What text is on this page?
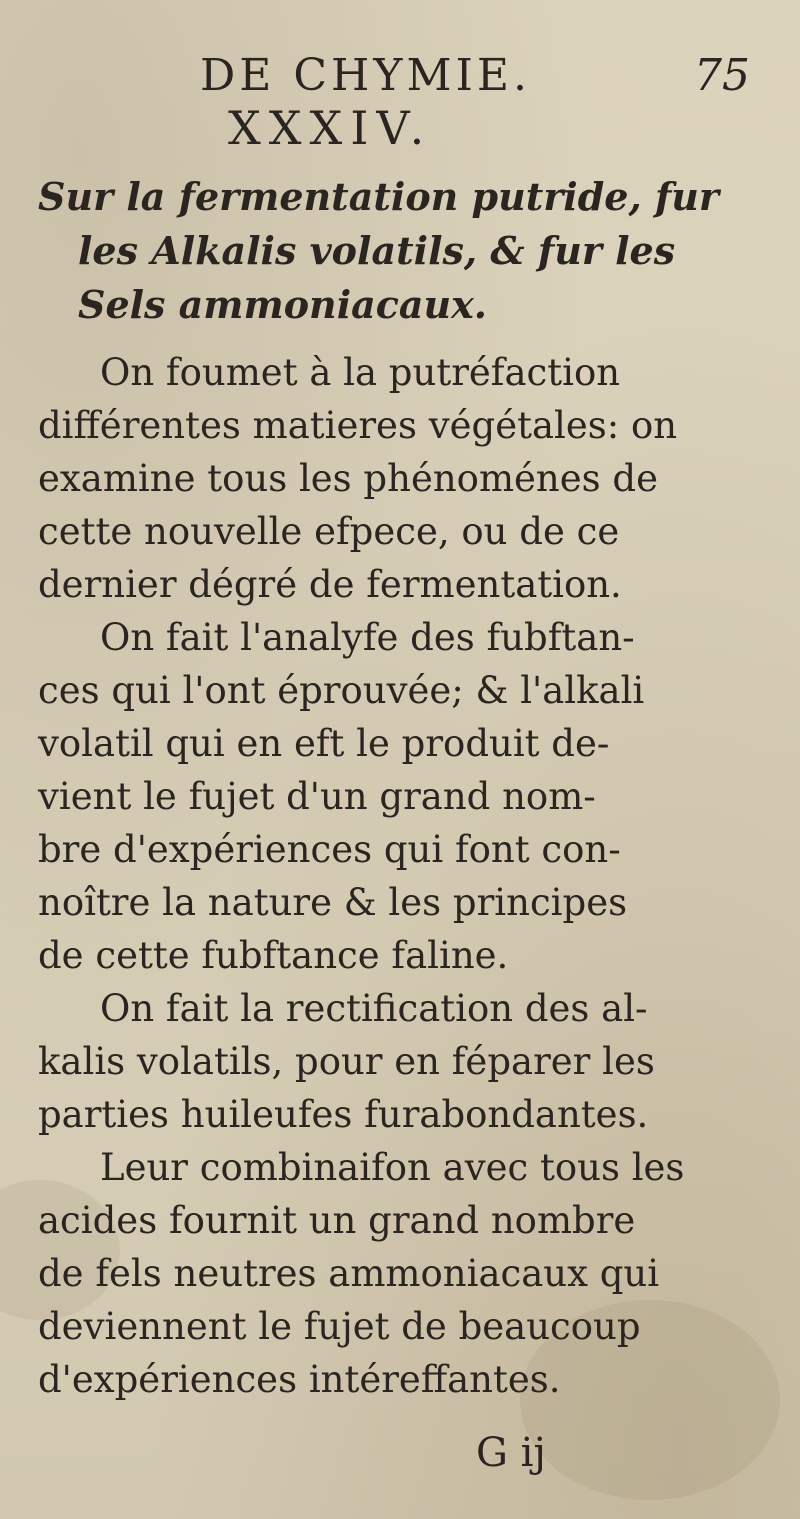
DE CHYMIE.	75
XXXIV.
Sur la fermentation putride, fur
les Alkalis volatils, & fur les
Sels ammoniacaux.

On foumet à la putréfaction
différentes matieres végétales: on
examine tous les phénoménes de
cette nouvelle efpece, ou de ce
dernier dégré de fermentation.

On fait l'analyfe des fubftan-
ces qui l'ont éprouvée; & l'alkali
volatil qui en eft le produit de-
vient le fujet d'un grand nom-
bre d'expériences qui font con-
noître la nature & les principes
de cette fubftance faline.

On fait la rectification des al-
kalis volatils, pour en féparer les
parties huileufes furabondantes.

Leur combinaifon avec tous les
acides fournit un grand nombre
de fels neutres ammoniacaux qui
deviennent le fujet de beaucoup
d'expériences intéreffantes.

G ij
